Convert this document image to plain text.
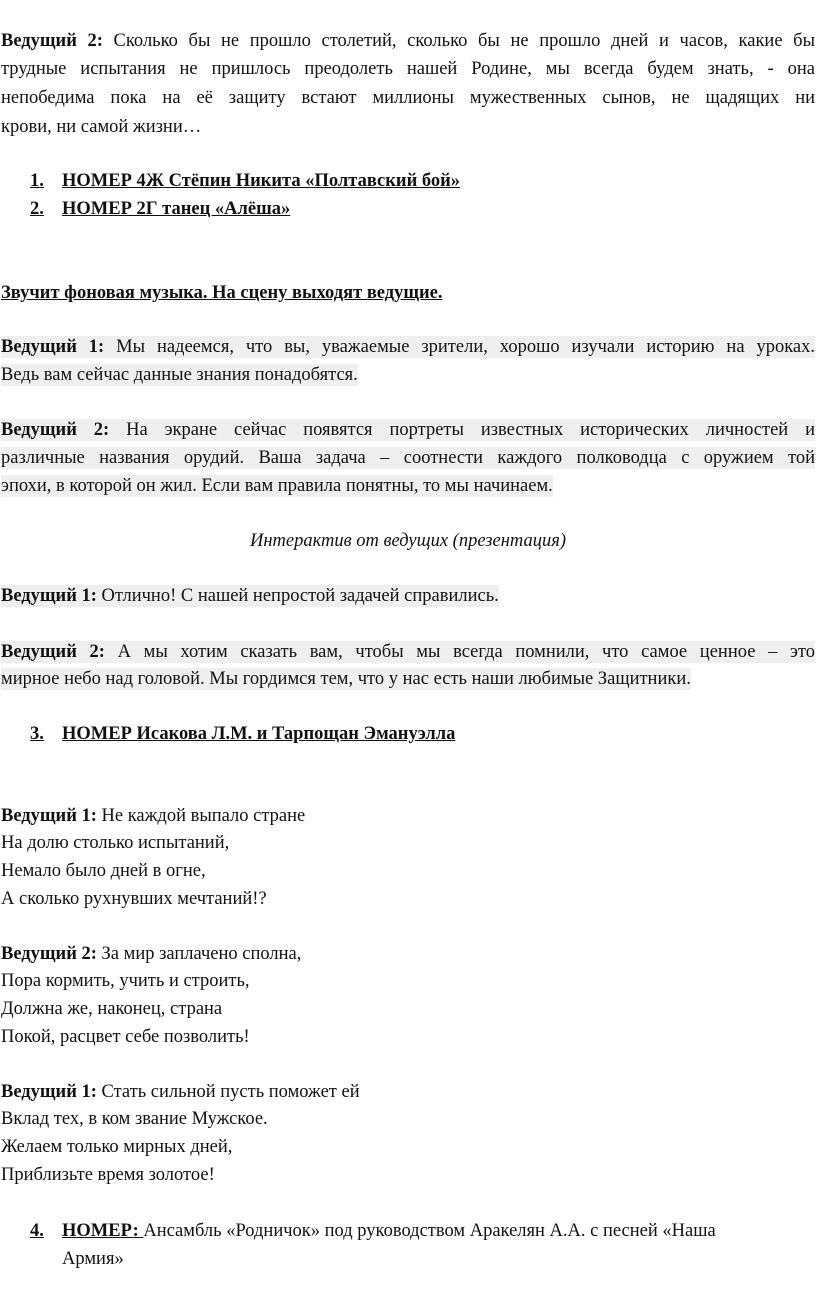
Ведущий 2: Сколько бы не прошло столетий, сколько бы не прошло дней и часов, какие бы
трудные испытания не пришлось преодолеть нашей Родине, мы всегда будем знать, - она
непобедима пока на её защиту встают миллионы мужественных сынов, не щадящих ни
крови, ни самой жизни…
1. НОМЕР 4Ж Стёпин Никита «Полтавский бой»
2. НОМЕР 2Г танец «Алёша»
Звучит фоновая музыка. На сцену выходят ведущие.
Ведущий 1: Мы надеемся, что вы, уважаемые зрители, хорошо изучали историю на уроках.
Ведь вам сейчас данные знания понадобятся.
Ведущий 2: На экране сейчас появятся портреты известных исторических личностей и
различные названия орудий. Ваша задача – соотнести каждого полководца с оружием той
эпохи, в которой он жил. Если вам правила понятны, то мы начинаем.
Интерактив от ведущих (презентация)
Ведущий 1: Отлично! С нашей непростой задачей справились.
Ведущий 2: А мы хотим сказать вам, чтобы мы всегда помнили, что самое ценное – это
мирное небо над головой. Мы гордимся тем, что у нас есть наши любимые Защитники.
3. НОМЕР Исакова Л.М. и Тарпощан Эмануэлла
Ведущий 1: Не каждой выпало стране
На долю столько испытаний,
Немало было дней в огне,
А сколько рухнувших мечтаний!?
Ведущий 2: За мир заплачено сполна,
Пора кормить, учить и строить,
Должна же, наконец, страна
Покой, расцвет себе позволить!
Ведущий 1: Стать сильной пусть поможет ей
Вклад тех, в ком звание Мужское.
Желаем только мирных дней,
Приблизьте время золотое!
4. НОМЕР: Ансамбль «Родничок» под руководством Аракелян А.А. с песней «Наша
Армия»
